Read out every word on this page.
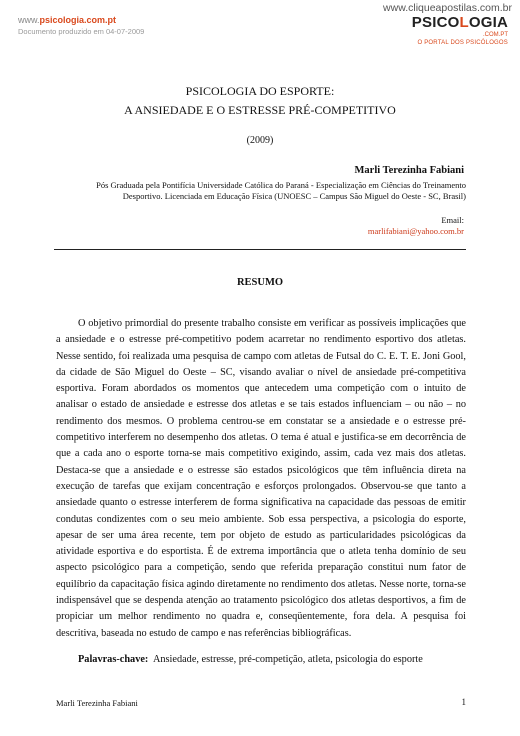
www.cliqueapostilas.com.br
www.psicologia.com.pt
Documento produzido em 04-07-2009
PSICOLOGIA
.COM.PT
O PORTAL DOS PSICÓLOGOS
PSICOLOGIA DO ESPORTE:
A ANSIEDADE E O ESTRESSE PRÉ-COMPETITIVO
(2009)
Marli Terezinha Fabiani
Pós Graduada pela Pontifícia Universidade Católica do Paraná - Especialização em Ciências do Treinamento Desportivo. Licenciada em Educação Física (UNOESC – Campus São Miguel do Oeste - SC, Brasil)
Email:
marlifabiani@yahoo.com.br
RESUMO

O objetivo primordial do presente trabalho consiste em verificar as possíveis implicações que a ansiedade e o estresse pré-competitivo podem acarretar no rendimento esportivo dos atletas. Nesse sentido, foi realizada uma pesquisa de campo com atletas de Futsal do C. E. T. E. Joni Gool, da cidade de São Miguel do Oeste – SC, visando avaliar o nível de ansiedade pré-competitiva esportiva. Foram abordados os momentos que antecedem uma competição com o intuito de analisar o estado de ansiedade e estresse dos atletas e se tais estados influenciam – ou não – no rendimento dos mesmos. O problema centrou-se em constatar se a ansiedade e o estresse pré-competitivo interferem no desempenho dos atletas. O tema é atual e justifica-se em decorrência de que a cada ano o esporte torna-se mais competitivo exigindo, assim, cada vez mais dos atletas. Destaca-se que a ansiedade e o estresse são estados psicológicos que têm influência direta na execução de tarefas que exijam concentração e esforços prolongados. Observou-se que tanto a ansiedade quanto o estresse interferem de forma significativa na capacidade das pessoas de emitir condutas condizentes com o seu meio ambiente. Sob essa perspectiva, a psicologia do esporte, apesar de ser uma área recente, tem por objeto de estudo as particularidades psicológicas da atividade esportiva e do esportista. É de extrema importância que o atleta tenha domínio de seu aspecto psicológico para a competição, sendo que referida preparação constitui num fator de equilíbrio da capacitação física agindo diretamente no rendimento dos atletas. Nesse norte, torna-se indispensável que se despenda atenção ao tratamento psicológico dos atletas desportivos, a fim de propiciar um melhor rendimento no quadra e, conseqüentemente, fora dela. A pesquisa foi descritiva, baseada no estudo de campo e nas referências bibliográficas.

Palavras-chave: Ansiedade, estresse, pré-competição, atleta, psicologia do esporte
Marli Terezinha Fabiani	1
